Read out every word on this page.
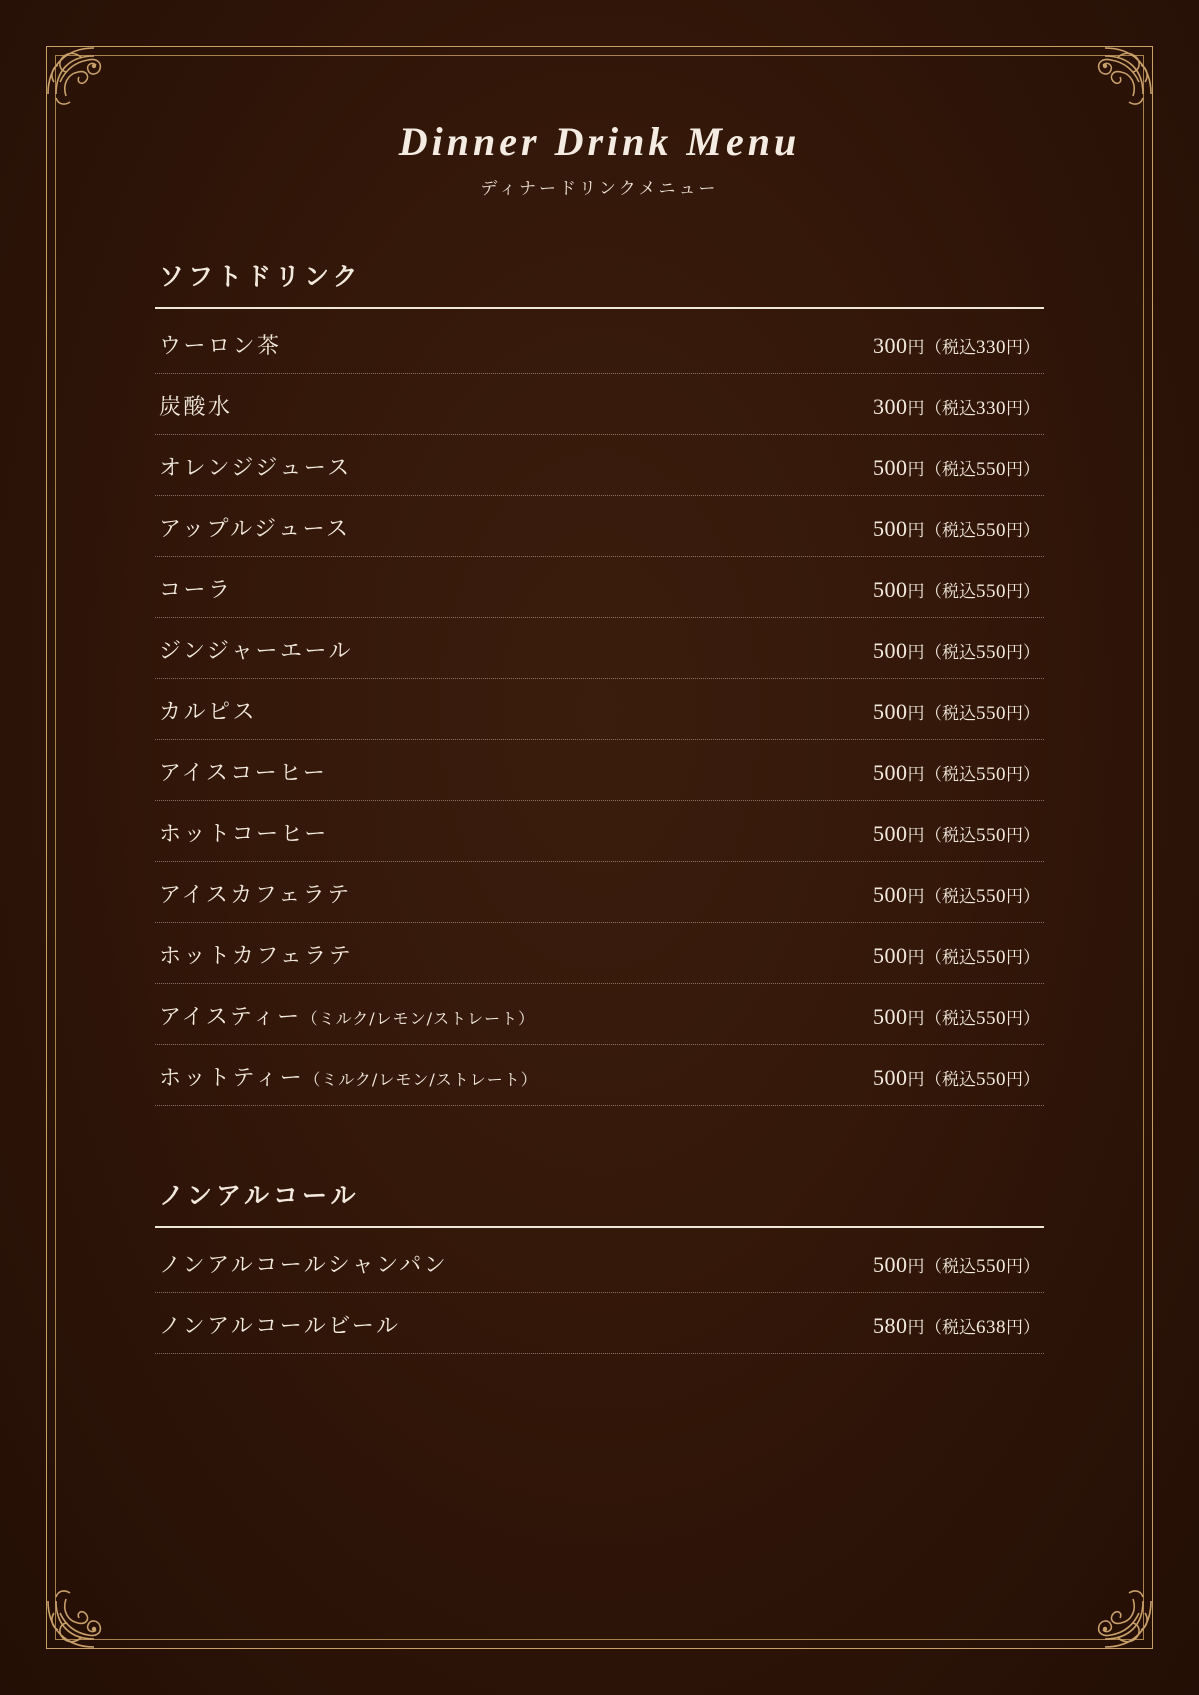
Dinner Drink Menu

ディナードリンクメニュー

ソフトドリンク
ウーロン茶	300円（税込330円）
炭酸水	300円（税込330円）
オレンジジュース	500円（税込550円）
アップルジュース	500円（税込550円）
コーラ	500円（税込550円）
ジンジャーエール	500円（税込550円）
カルピス	500円（税込550円）
アイスコーヒー	500円（税込550円）
ホットコーヒー	500円（税込550円）
アイスカフェラテ	500円（税込550円）
ホットカフェラテ	500円（税込550円）
アイスティー（ミルク/レモン/ストレート）	500円（税込550円）
ホットティー（ミルク/レモン/ストレート）	500円（税込550円）
ノンアルコール
ノンアルコールシャンパン	500円（税込550円）
ノンアルコールビール	580円（税込638円）
